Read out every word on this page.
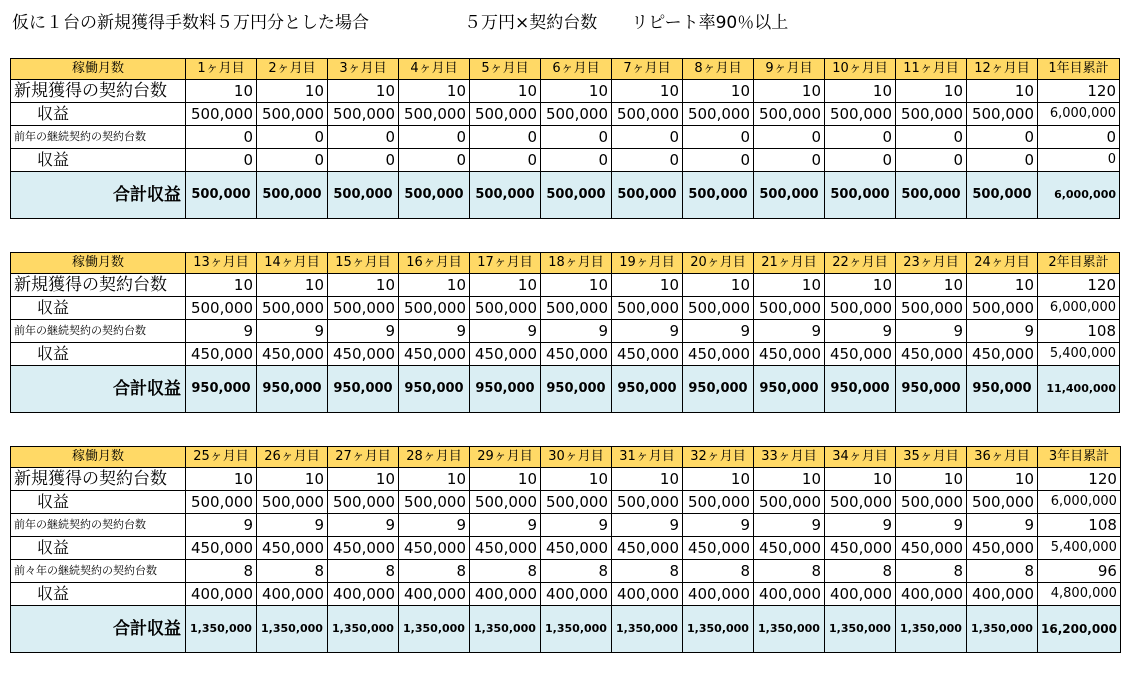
仮に１台の新規獲得手数料５万円分とした場合	５万円×契約台数　　リピート率90％以上
稼働月数	1ヶ月目	2ヶ月目	3ヶ月目	4ヶ月目	5ヶ月目	6ヶ月目	7ヶ月目	8ヶ月目	9ヶ月目	10ヶ月目	11ヶ月目	12ヶ月目	1年目累計
新規獲得の契約台数	10	10	10	10	10	10	10	10	10	10	10	10	120
収益	500,000	500,000	500,000	500,000	500,000	500,000	500,000	500,000	500,000	500,000	500,000	500,000	6,000,000
前年の継続契約の契約台数	0	0	0	0	0	0	0	0	0	0	0	0	0
収益	0	0	0	0	0	0	0	0	0	0	0	0	0
合計収益	500,000	500,000	500,000	500,000	500,000	500,000	500,000	500,000	500,000	500,000	500,000	500,000	6,000,000
稼働月数	13ヶ月目	14ヶ月目	15ヶ月目	16ヶ月目	17ヶ月目	18ヶ月目	19ヶ月目	20ヶ月目	21ヶ月目	22ヶ月目	23ヶ月目	24ヶ月目	2年目累計
新規獲得の契約台数	10	10	10	10	10	10	10	10	10	10	10	10	120
収益	500,000	500,000	500,000	500,000	500,000	500,000	500,000	500,000	500,000	500,000	500,000	500,000	6,000,000
前年の継続契約の契約台数	9	9	9	9	9	9	9	9	9	9	9	9	108
収益	450,000	450,000	450,000	450,000	450,000	450,000	450,000	450,000	450,000	450,000	450,000	450,000	5,400,000
合計収益	950,000	950,000	950,000	950,000	950,000	950,000	950,000	950,000	950,000	950,000	950,000	950,000	11,400,000
稼働月数	25ヶ月目	26ヶ月目	27ヶ月目	28ヶ月目	29ヶ月目	30ヶ月目	31ヶ月目	32ヶ月目	33ヶ月目	34ヶ月目	35ヶ月目	36ヶ月目	3年目累計
新規獲得の契約台数	10	10	10	10	10	10	10	10	10	10	10	10	120
収益	500,000	500,000	500,000	500,000	500,000	500,000	500,000	500,000	500,000	500,000	500,000	500,000	6,000,000
前年の継続契約の契約台数	9	9	9	9	9	9	9	9	9	9	9	9	108
収益	450,000	450,000	450,000	450,000	450,000	450,000	450,000	450,000	450,000	450,000	450,000	450,000	5,400,000
前々年の継続契約の契約台数	8	8	8	8	8	8	8	8	8	8	8	8	96
収益	400,000	400,000	400,000	400,000	400,000	400,000	400,000	400,000	400,000	400,000	400,000	400,000	4,800,000
合計収益	1,350,000	1,350,000	1,350,000	1,350,000	1,350,000	1,350,000	1,350,000	1,350,000	1,350,000	1,350,000	1,350,000	1,350,000	16,200,000
